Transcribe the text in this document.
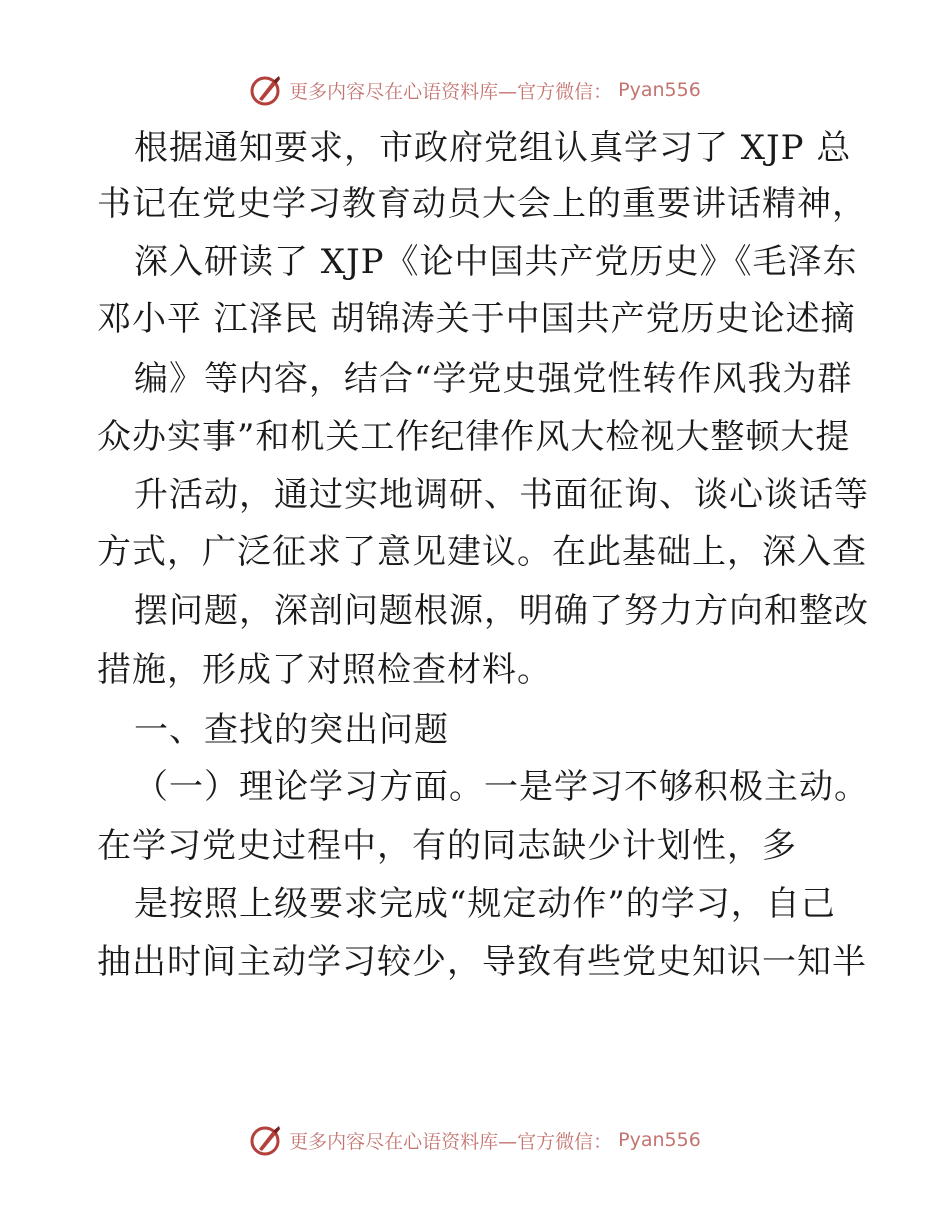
更多内容尽在心语资料库—官方微信： Pyan556
根据通知要求，市政府党组认真学习了 XJP 总
书记在党史学习教育动员大会上的重要讲话精神，
深入研读了 XJP《论中国共产党历史》《毛泽东
邓小平 江泽民 胡锦涛关于中国共产党历史论述摘
编》等内容，结合“学党史强党性转作风我为群
众办实事”和机关工作纪律作风大检视大整顿大提
升活动，通过实地调研、书面征询、谈心谈话等
方式，广泛征求了意见建议。在此基础上，深入查
摆问题，深剖问题根源，明确了努力方向和整改
措施，形成了对照检查材料。
一、查找的突出问题
（一）理论学习方面。一是学习不够积极主动。
在学习党史过程中，有的同志缺少计划性，多
是按照上级要求完成“规定动作”的学习，自己
抽出时间主动学习较少，导致有些党史知识一知半
更多内容尽在心语资料库—官方微信： Pyan556
